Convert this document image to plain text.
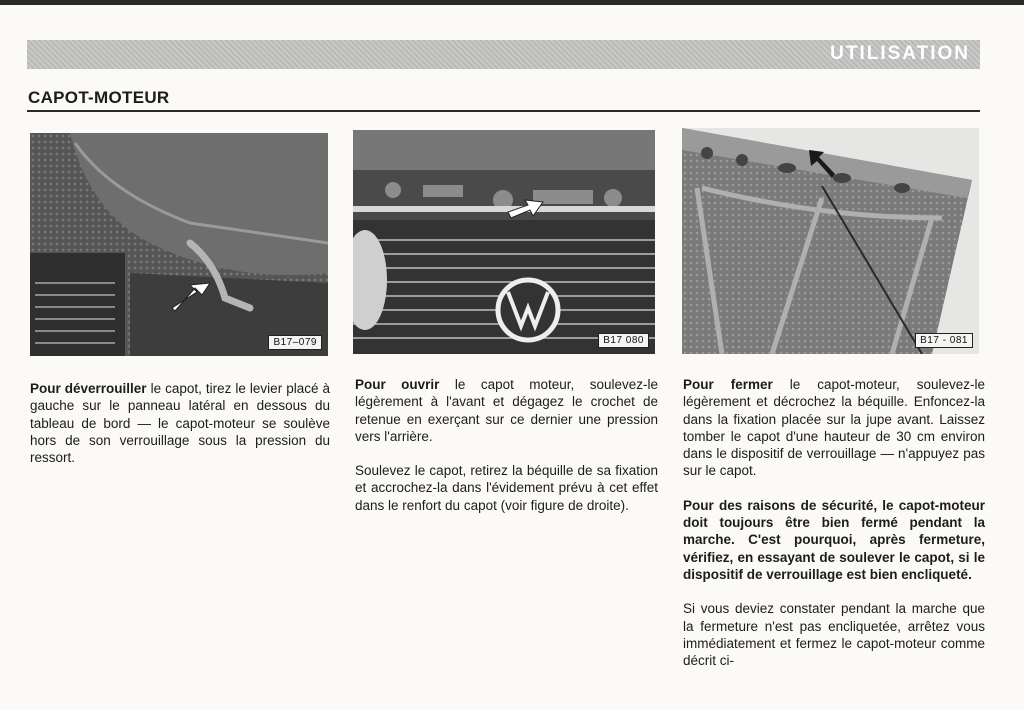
UTILISATION
CAPOT-MOTEUR
B17–079	B17 080	B17 - 081

Pour déverrouiller le capot, tirez le levier placé à gauche sur le panneau latéral en dessous du tableau de bord — le capot-moteur se soulève hors de son verrouillage sous la pression du ressort.

Pour ouvrir le capot moteur, soulevez-le légèrement à l'avant et dégagez le crochet de retenue en exerçant sur ce dernier une pression vers l'arrière.

Soulevez le capot, retirez la béquille de sa fixation et accrochez-la dans l'évidement prévu à cet effet dans le renfort du capot (voir figure de droite).

Pour fermer le capot-moteur, soulevez-le légèrement et décrochez la béquille. Enfoncez-la dans la fixation placée sur la jupe avant. Laissez tomber le capot d'une hauteur de 30 cm environ dans le dispositif de verrouillage — n'appuyez pas sur le capot.

Pour des raisons de sécurité, le capot-moteur doit toujours être bien fermé pendant la marche. C'est pourquoi, après fermeture, vérifiez, en essayant de soulever le capot, si le dispositif de verrouillage est bien encliqueté.

Si vous deviez constater pendant la marche que la fermeture n'est pas encliquetée, arrêtez vous immédiatement et fermez le capot-moteur comme décrit ci-
